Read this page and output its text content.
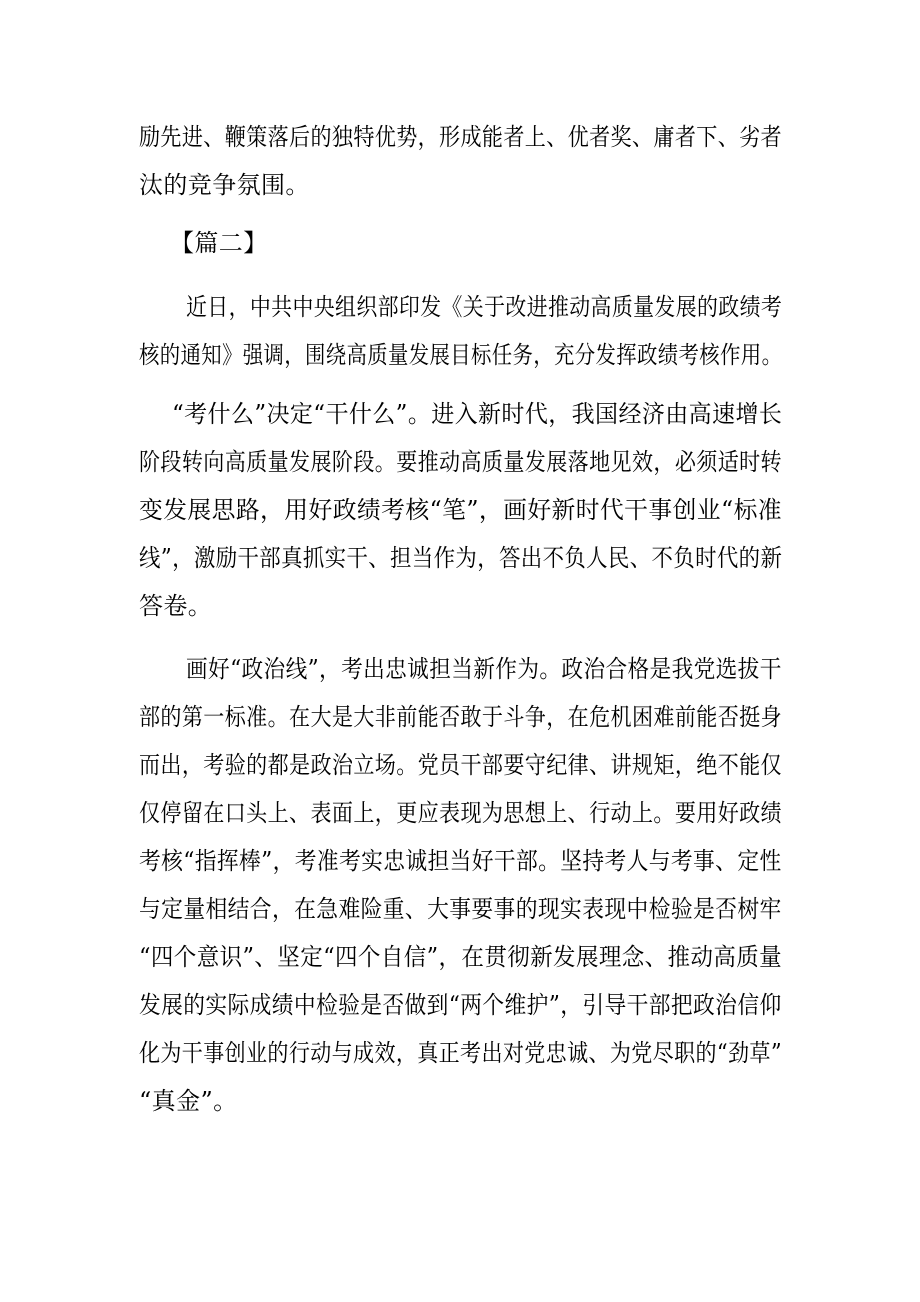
励先进、鞭策落后的独特优势，形成能者上、优者奖、庸者下、劣者
汰的竞争氛围。
【篇二】
近日，中共中央组织部印发《关于改进推动高质量发展的政绩考
核的通知》强调，围绕高质量发展目标任务，充分发挥政绩考核作用。
“考什么”决定“干什么”。进入新时代，我国经济由高速增长
阶段转向高质量发展阶段。要推动高质量发展落地见效，必须适时转
变发展思路，用好政绩考核“笔”，画好新时代干事创业“标准
线”，激励干部真抓实干、担当作为，答出不负人民、不负时代的新
答卷。
画好“政治线”，考出忠诚担当新作为。政治合格是我党选拔干
部的第一标准。在大是大非前能否敢于斗争，在危机困难前能否挺身
而出，考验的都是政治立场。党员干部要守纪律、讲规矩，绝不能仅
仅停留在口头上、表面上，更应表现为思想上、行动上。要用好政绩
考核“指挥棒”，考准考实忠诚担当好干部。坚持考人与考事、定性
与定量相结合，在急难险重、大事要事的现实表现中检验是否树牢
“四个意识”、坚定“四个自信”，在贯彻新发展理念、推动高质量
发展的实际成绩中检验是否做到“两个维护”，引导干部把政治信仰
化为干事创业的行动与成效，真正考出对党忠诚、为党尽职的“劲草”
“真金”。
